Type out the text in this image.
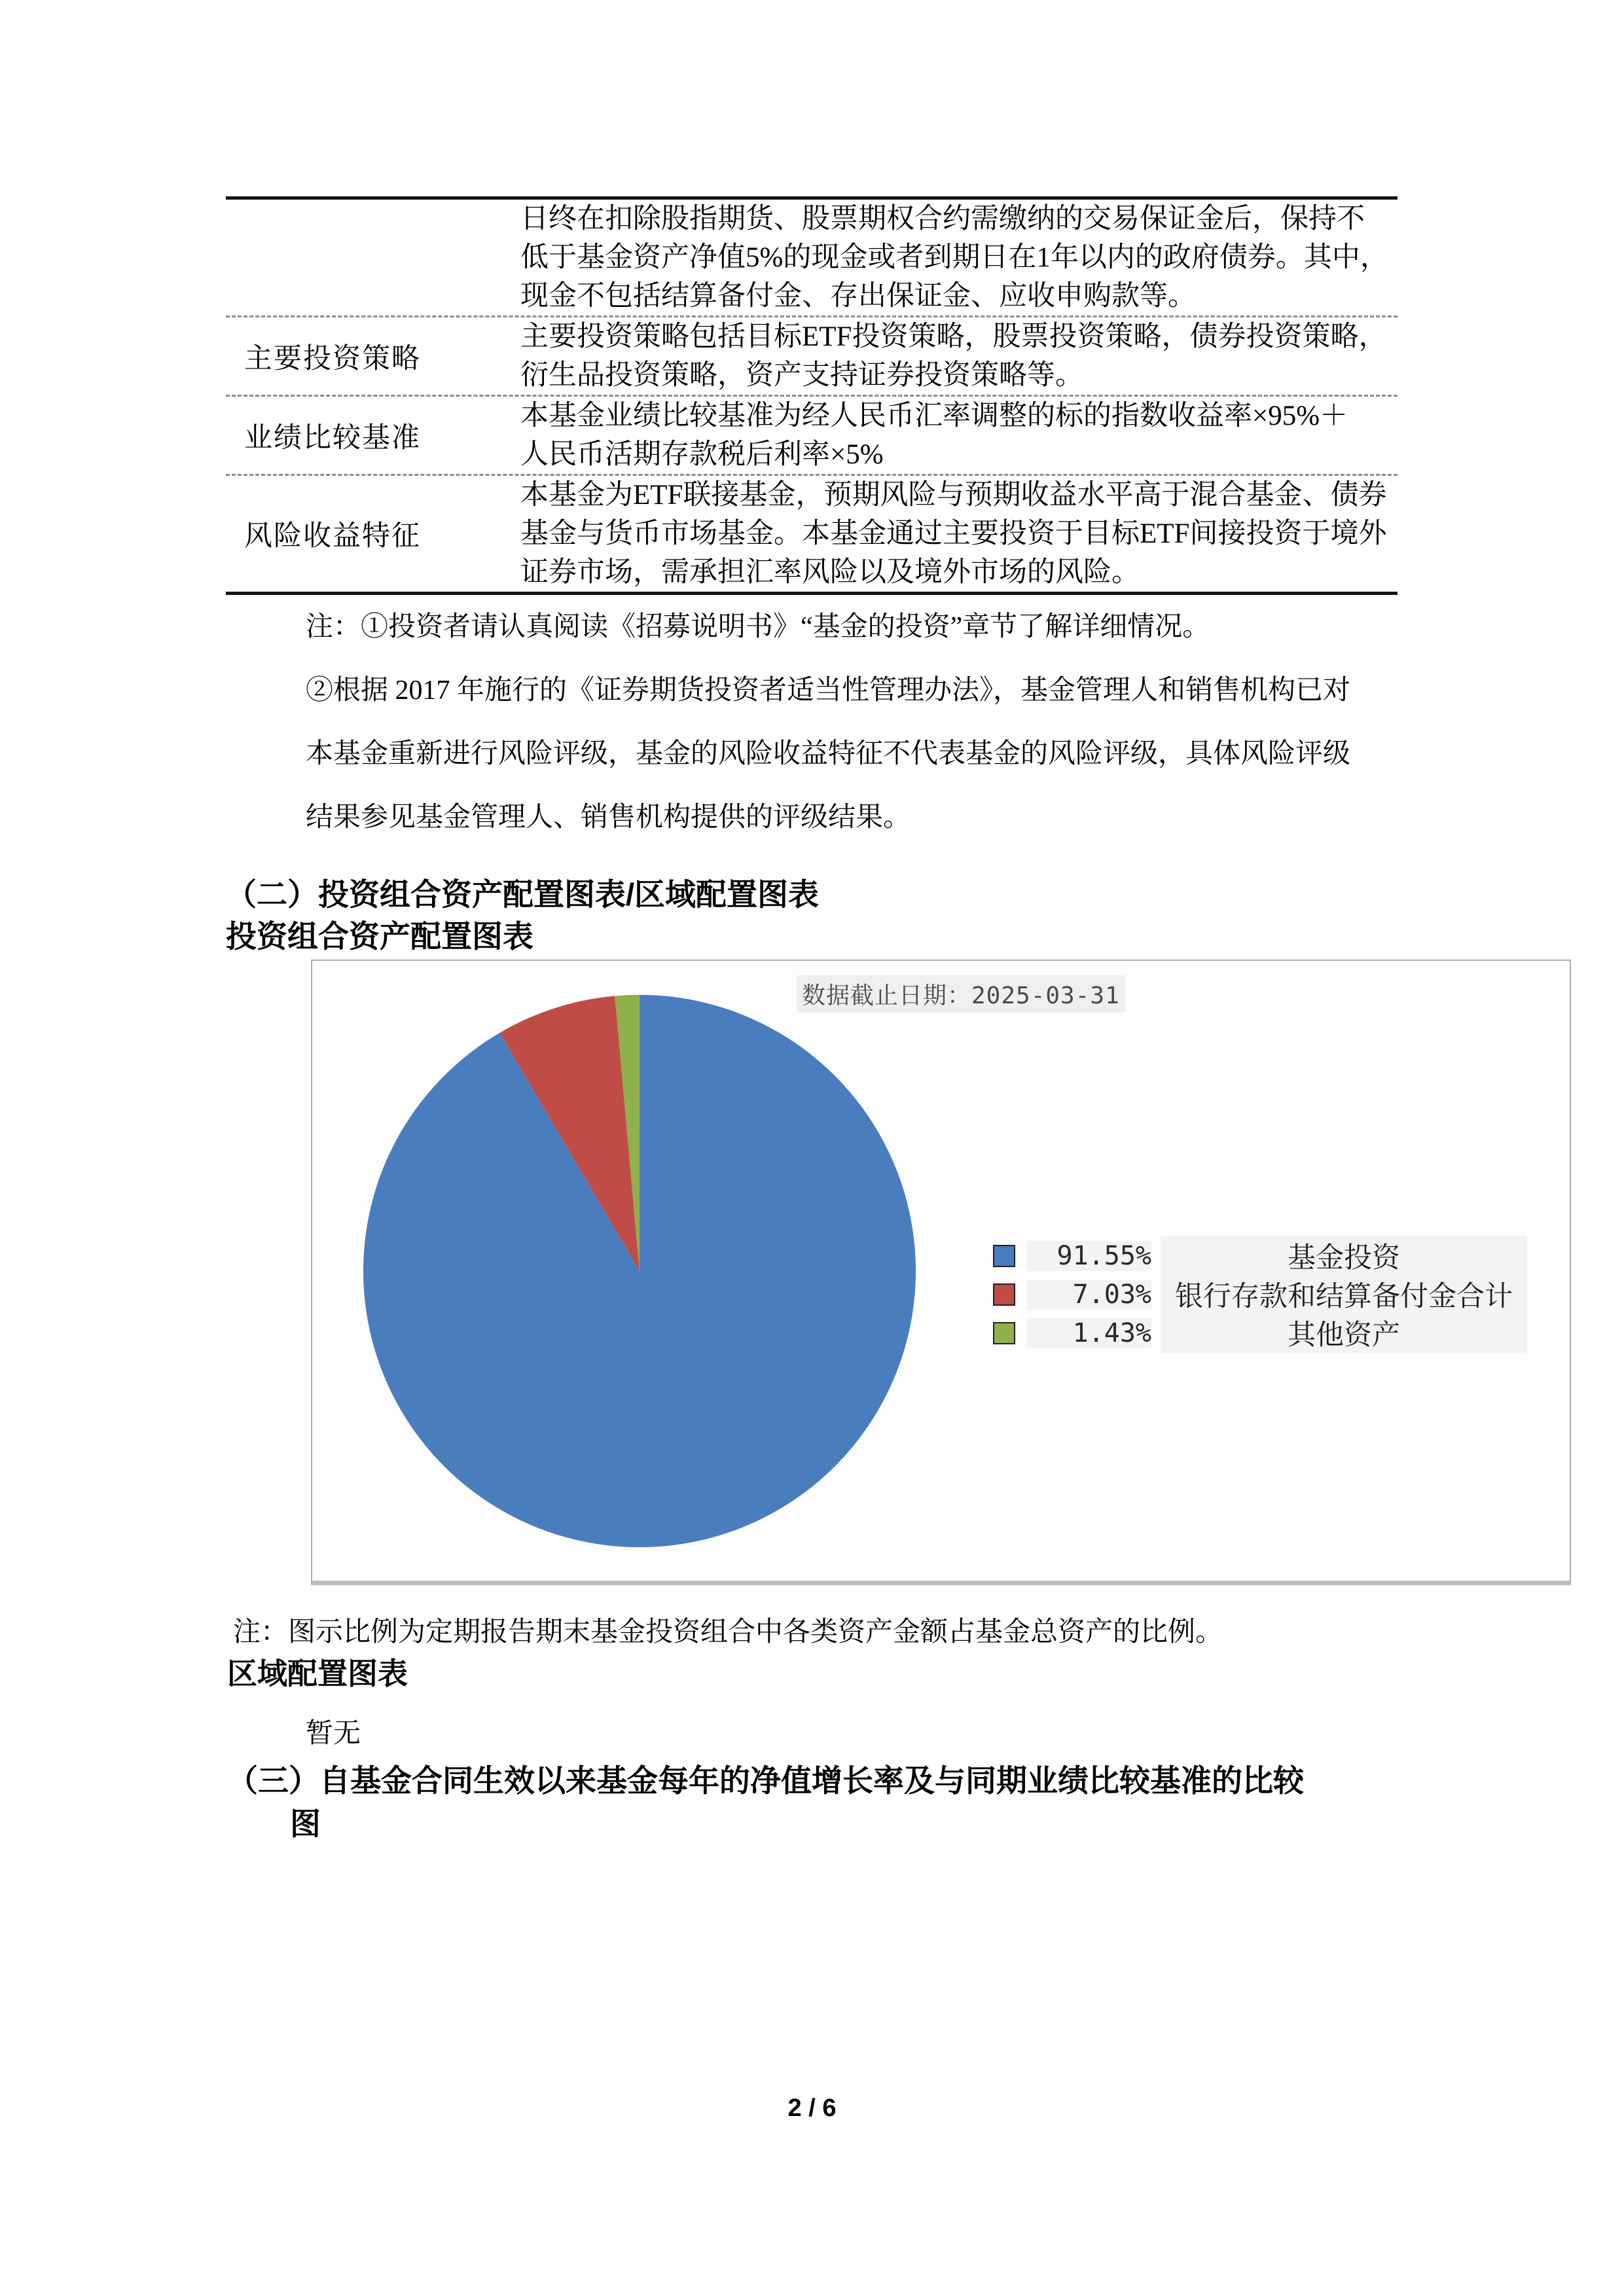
日终在扣除股指期货、股票期权合约需缴纳的交易保证金后，保持不
低于基金资产净值5%的现金或者到期日在1年以内的政府债券。其中，
现金不包括结算备付金、存出保证金、应收申购款等。
主要投资策略
主要投资策略包括目标ETF投资策略，股票投资策略，债券投资策略，
衍生品投资策略，资产支持证券投资策略等。
业绩比较基准
本基金业绩比较基准为经人民币汇率调整的标的指数收益率×95%＋
人民币活期存款税后利率×5%
风险收益特征
本基金为ETF联接基金，预期风险与预期收益水平高于混合基金、债券
基金与货币市场基金。本基金通过主要投资于目标ETF间接投资于境外
证券市场，需承担汇率风险以及境外市场的风险。
注：①投资者请认真阅读《招募说明书》“基金的投资”章节了解详细情况。
②根据 2017 年施行的《证券期货投资者适当性管理办法》，基金管理人和销售机构已对
本基金重新进行风险评级，基金的风险收益特征不代表基金的风险评级，具体风险评级
结果参见基金管理人、销售机构提供的评级结果。
（二）投资组合资产配置图表/区域配置图表
投资组合资产配置图表
数据截止日期：2025-03-31
91.55%	基金投资
7.03% 银行存款和结算备付金合计
1.43%	其他资产
注：图示比例为定期报告期末基金投资组合中各类资产金额占基金总资产的比例。
区域配置图表
暂无
（三）自基金合同生效以来基金每年的净值增长率及与同期业绩比较基准的比较
图
2 / 6
